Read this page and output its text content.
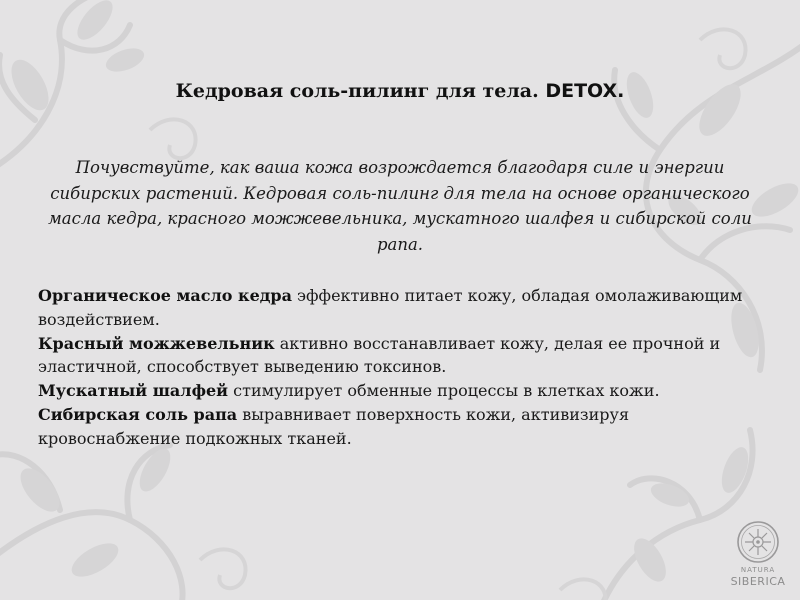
Кедровая соль-пилинг для тела. DETOX.
Почувствуйте, как ваша кожа возрождается благодаря силе и энергии сибирских растений. Кедровая соль-пилинг для тела на основе органического масла кедра, красного можжевельника, мускатного шалфея и сибирской соли рапа.

Органическое масло кедра эффективно питает кожу, обладая омолаживающим воздействием.

Красный можжевельник активно восстанавливает кожу, делая ее прочной и эластичной, способствует выведению токсинов.

Мускатный шалфей стимулирует обменные процессы в клетках кожи.

Сибирская соль рапа выравнивает поверхность кожи, активизируя кровоснабжение подкожных тканей.

NATURA
SIBERICA
